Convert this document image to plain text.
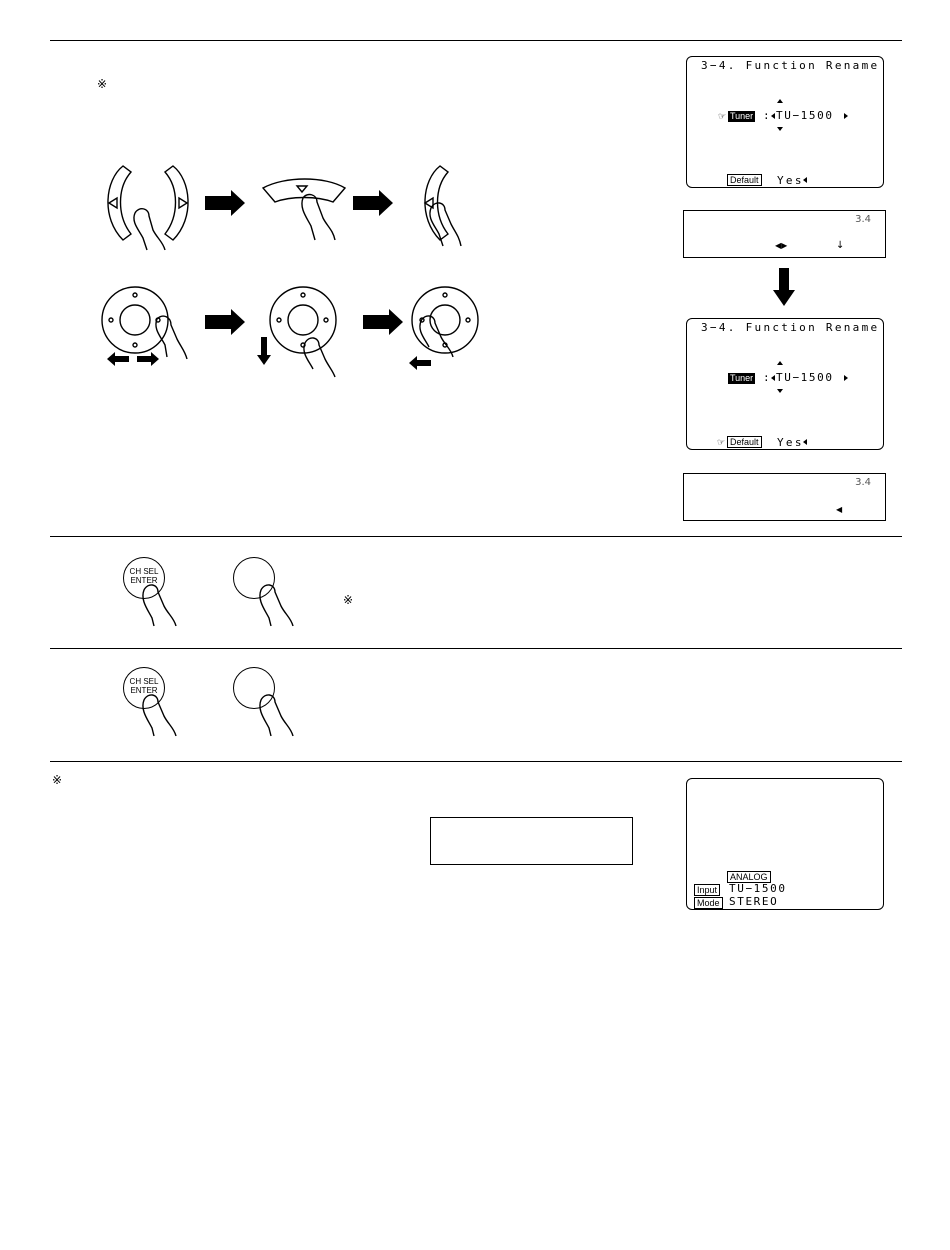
※
※
※
3−4. Function Rename
☞ Tuner : TU−1500
Default Yes
3.4
◀▶	↓
3−4. Function Rename
Tuner : TU−1500
☞ Default Yes
3.4
◀
CH SEL
ENTER
CH SEL
ENTER
ANALOG
Input TU−1500
Mode STEREO
